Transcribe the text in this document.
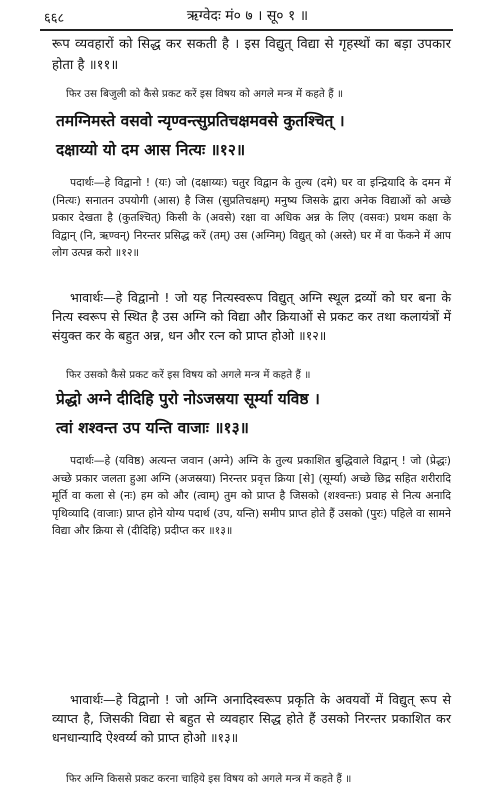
६६८	ऋग्वेदः मं० ७ । सू० १ ॥

रूप व्यवहारों को सिद्ध कर सकती है । इस विद्युत् विद्या से गृहस्थों का बड़ा उपकार होता है ॥११॥

फिर उस बिजुली को कैसे प्रकट करें इस विषय को अगले मन्त्र में कहते हैं ॥

तमग्निमस्ते वसवो न्यृण्वन्त्सुप्रतिचक्षमवसे कुतश्चित् ।

दक्षाय्यो यो दम आस नित्यः ॥१२॥

पदार्थः—हे विद्वानो ! (यः) जो (दक्षाय्यः) चतुर विद्वान के तुल्य (दमे) घर वा इन्द्रियादि के दमन में (नित्यः) सनातन उपयोगी (आस) है जिस (सुप्रतिचक्षम्) मनुष्य जिसके द्वारा अनेक विद्याओं को अच्छे प्रकार देखता है (कुतश्चित्) किसी के (अवसे) रक्षा वा अधिक अन्न के लिए (वसवः) प्रथम कक्षा के विद्वान् (नि, ऋण्वन्) निरन्तर प्रसिद्ध करें (तम्) उस (अग्निम्) विद्युत् को (अस्ते) घर में वा फेंकने में आप लोग उत्पन्न करो ॥१२॥

भावार्थः—हे विद्वानो ! जो यह नित्यस्वरूप विद्युत् अग्नि स्थूल द्रव्यों को घर बना के नित्य स्वरूप से स्थित है उस अग्नि को विद्या और क्रियाओं से प्रकट कर तथा कलायंत्रों में संयुक्त कर के बहुत अन्न, धन और रत्न को प्राप्त होओ ॥१२॥

फिर उसको कैसे प्रकट करें इस विषय को अगले मन्त्र में कहते हैं ॥

प्रेद्धो अग्ने दीदिहि पुरो नोऽजस्रया सूर्म्या यविष्ठ ।

त्वां शश्वन्त उप यन्ति वाजाः ॥१३॥

पदार्थः—हे (यविष्ठ) अत्यन्त जवान (अग्ने) अग्नि के तुल्य प्रकाशित बुद्धिवाले विद्वान् ! जो (प्रेद्धः) अच्छे प्रकार जलता हुआ अग्नि (अजस्रया) निरन्तर प्रवृत्त क्रिया [से] (सूर्म्या) अच्छे छिद्र सहित शरीरादि मूर्ति वा कला से (नः) हम को और (त्वाम्) तुम को प्राप्त है जिसको (शश्वन्तः) प्रवाह से नित्य अनादि पृथिव्यादि (वाजाः) प्राप्त होने योग्य पदार्थ (उप, यन्ति) समीप प्राप्त होते हैं उसको (पुरः) पहिले वा सामने विद्या और क्रिया से (दीदिहि) प्रदीप्त कर ॥१३॥

भावार्थः—हे विद्वानो ! जो अग्नि अनादिस्वरूप प्रकृति के अवयवों में विद्युत् रूप से व्याप्त है, जिसकी विद्या से बहुत से व्यवहार सिद्ध होते हैं उसको निरन्तर प्रकाशित कर धनधान्यादि ऐश्वर्य्य को प्राप्त होओ ॥१३॥

फिर अग्नि किससे प्रकट करना चाहिये इस विषय को अगले मन्त्र में कहते हैं ॥
